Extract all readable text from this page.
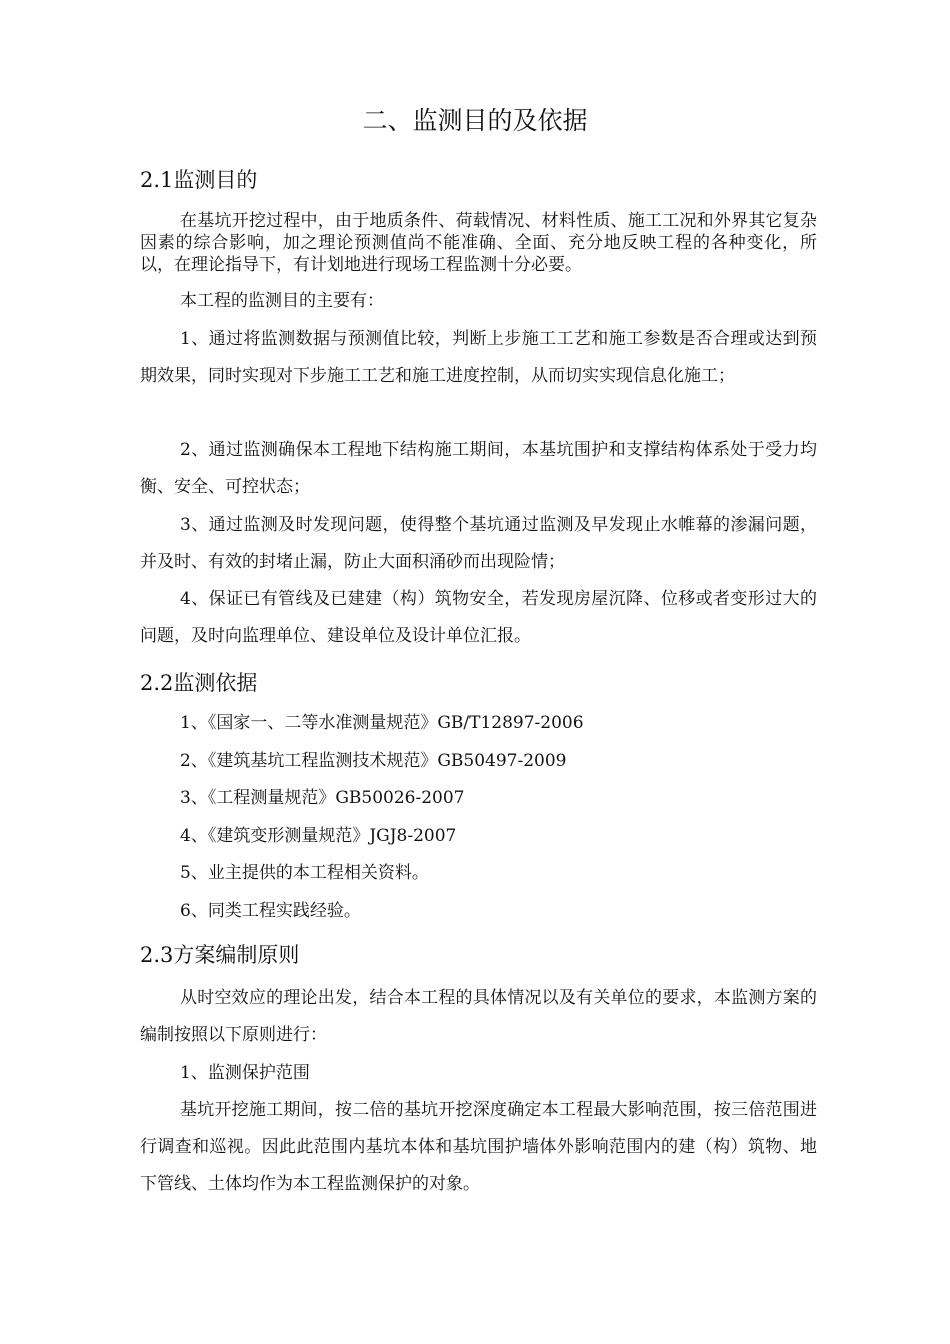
二、监测目的及依据
2.1监测目的

在基坑开挖过程中，由于地质条件、荷载情况、材料性质、施工工况和外界其它复杂因素的综合影响，加之理论预测值尚不能准确、全面、充分地反映工程的各种变化，所以，在理论指导下，有计划地进行现场工程监测十分必要。

本工程的监测目的主要有：

1、通过将监测数据与预测值比较，判断上步施工工艺和施工参数是否合理或达到预期效果，同时实现对下步施工工艺和施工进度控制，从而切实实现信息化施工；

2、通过监测确保本工程地下结构施工期间，本基坑围护和支撑结构体系处于受力均衡、安全、可控状态；

3、通过监测及时发现问题，使得整个基坑通过监测及早发现止水帷幕的渗漏问题，并及时、有效的封堵止漏，防止大面积涌砂而出现险情；

4、保证已有管线及已建建（构）筑物安全，若发现房屋沉降、位移或者变形过大的问题，及时向监理单位、建设单位及设计单位汇报。

2.2监测依据
1、《国家一、二等水准测量规范》GB/T12897-2006
2、《建筑基坑工程监测技术规范》GB50497-2009
3、《工程测量规范》GB50026-2007
4、《建筑变形测量规范》JGJ8-2007
5、业主提供的本工程相关资料。
6、同类工程实践经验。
2.3方案编制原则

从时空效应的理论出发，结合本工程的具体情况以及有关单位的要求，本监测方案的编制按照以下原则进行：

1、监测保护范围

基坑开挖施工期间，按二倍的基坑开挖深度确定本工程最大影响范围，按三倍范围进行调查和巡视。因此此范围内基坑本体和基坑围护墙体外影响范围内的建（构）筑物、地下管线、土体均作为本工程监测保护的对象。
